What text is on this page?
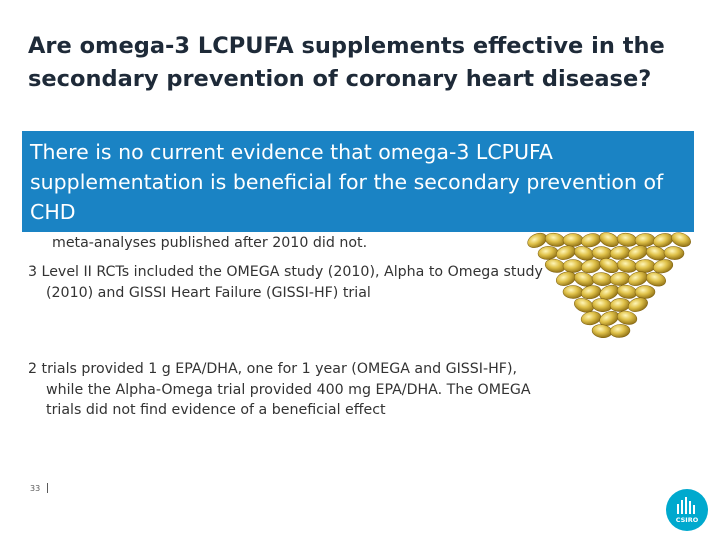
Are omega-3 LCPUFA supplements effective in the secondary prevention of coronary heart disease?
meta-analyses published after 2010 did not.
There is no current evidence that omega-3 LCPUFA supplementation is beneficial for the secondary prevention of CHD
3 Level II RCTs included the OMEGA study (2010), Alpha to Omega study (2010) and GISSI Heart Failure (GISSI-HF) trial
2 trials provided 1 g EPA/DHA, one for 1 year (OMEGA and GISSI-HF), while the Alpha-Omega trial provided 400 mg EPA/DHA. The OMEGA trials did not find evidence of a beneficial effect
33
CSIRO
